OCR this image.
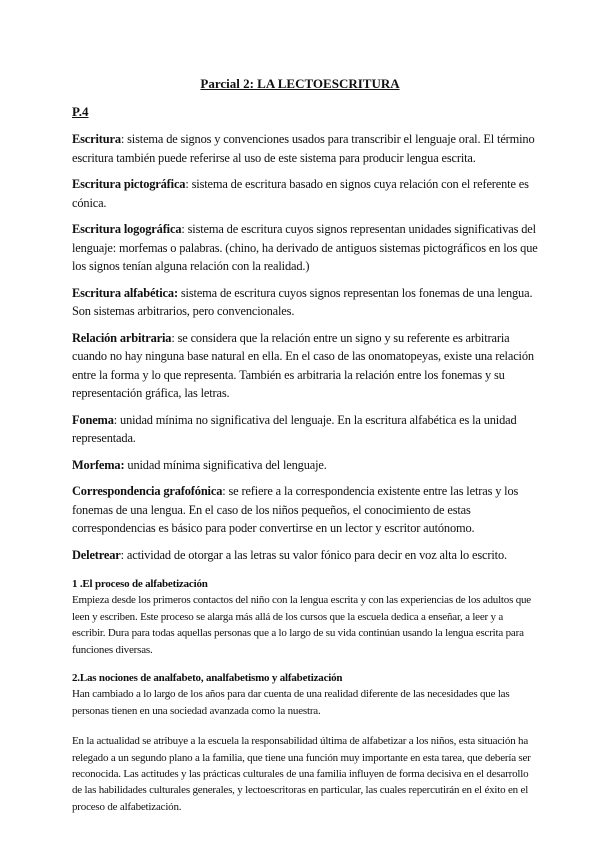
Parcial 2: LA LECTOESCRITURA
P.4
Escritura: sistema de signos y convenciones usados para transcribir el lenguaje oral. El término escritura también puede referirse al uso de este sistema para producir lengua escrita.
Escritura pictográfica: sistema de escritura basado en signos cuya relación con el referente es cónica.
Escritura logográfica: sistema de escritura cuyos signos representan unidades significativas del lenguaje: morfemas o palabras. (chino, ha derivado de antiguos sistemas pictográficos en los que los signos tenían alguna relación con la realidad.)
Escritura alfabética: sistema de escritura cuyos signos representan los fonemas de una lengua. Son sistemas arbitrarios, pero convencionales.
Relación arbitraria: se considera que la relación entre un signo y su referente es arbitraria cuando no hay ninguna base natural en ella. En el caso de las onomatopeyas, existe una relación entre la forma y lo que representa. También es arbitraria la relación entre los fonemas y su representación gráfica, las letras.
Fonema: unidad mínima no significativa del lenguaje. En la escritura alfabética es la unidad representada.
Morfema: unidad mínima significativa del lenguaje.
Correspondencia grafofónica: se refiere a la correspondencia existente entre las letras y los fonemas de una lengua. En el caso de los niños pequeños, el conocimiento de estas correspondencias es básico para poder convertirse en un lector y escritor autónomo.
Deletrear: actividad de otorgar a las letras su valor fónico para decir en voz alta lo escrito.
1 .El proceso de alfabetización

Empieza desde los primeros contactos del niño con la lengua escrita y con las experiencias de los adultos que leen y escriben. Este proceso se alarga más allá de los cursos que la escuela dedica a enseñar, a leer y a escribir. Dura para todas aquellas personas que a lo largo de su vida continúan usando la lengua escrita para funciones diversas.

2.Las nociones de analfabeto, analfabetismo y alfabetización

Han cambiado a lo largo de los años para dar cuenta de una realidad diferente de las necesidades que las personas tienen en una sociedad avanzada como la nuestra.

En la actualidad se atribuye a la escuela la responsabilidad última de alfabetizar a los niños, esta situación ha relegado a un segundo plano a la familia, que tiene una función muy importante en esta tarea, que debería ser reconocida. Las actitudes y las prácticas culturales de una familia influyen de forma decisiva en el desarrollo de las habilidades culturales generales, y lectoescritoras en particular, las cuales repercutirán en el éxito en el proceso de alfabetización.
